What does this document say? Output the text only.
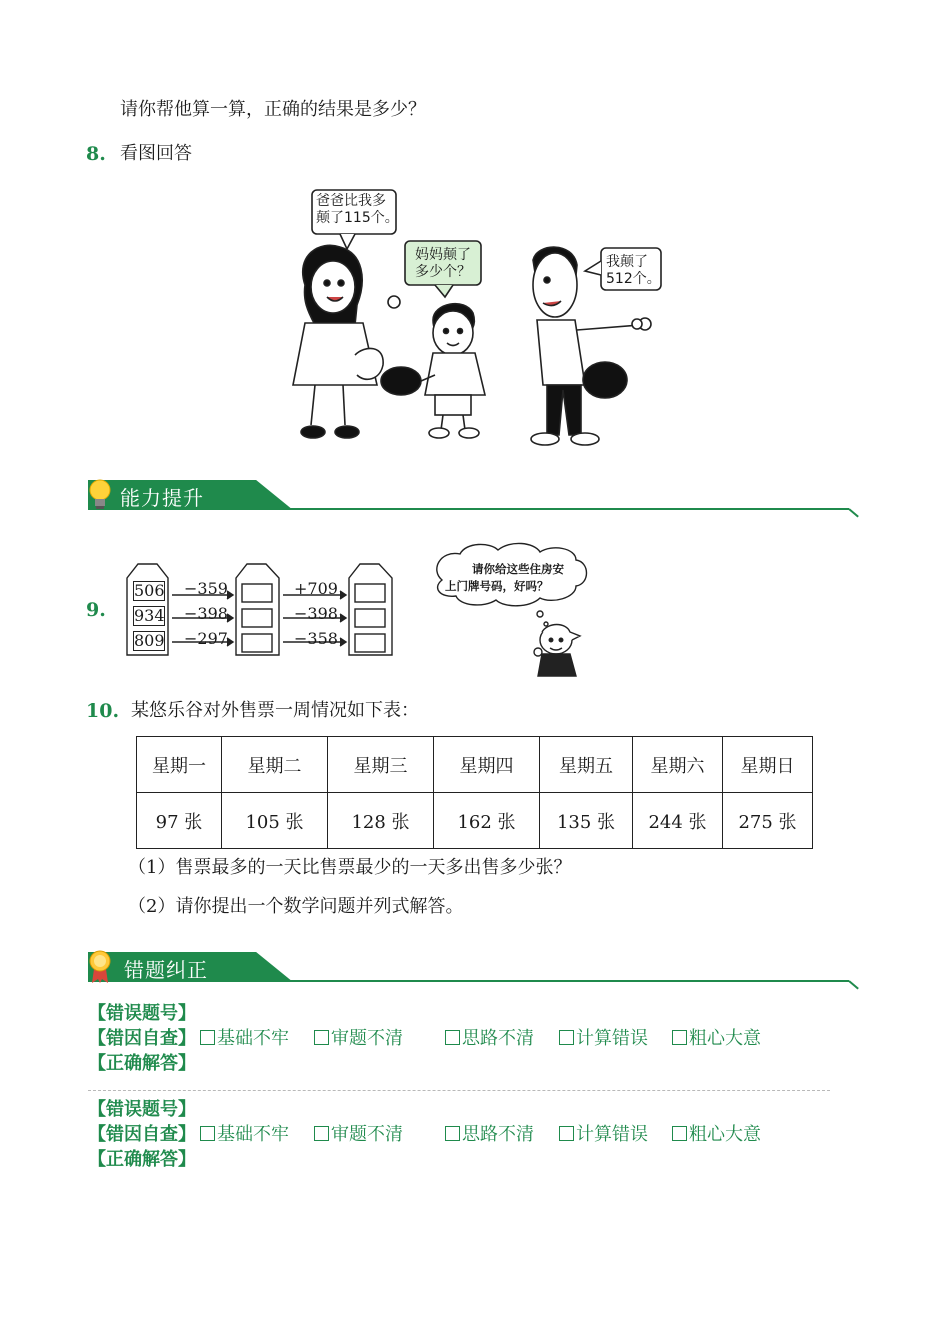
请你帮他算一算，正确的结果是多少？
8. 看图回答
爸爸比我多
颠了115个。
妈妈颠了
多少个？
我颠了
512个。
能力提升
9.
506
934
809
−359
−398
−297
+709
−398
−358
请你给这些住房安
上门牌号码，好吗？
10. 某悠乐谷对外售票一周情况如下表：
星期一	星期二	星期三	星期四	星期五	星期六	星期日
97 张	105 张	128 张	162 张	135 张	244 张	275 张
（1）售票最多的一天比售票最少的一天多出售多少张？
（2）请你提出一个数学问题并列式解答。
错题纠正
【错误题号】
【错因自查】	基础不牢	审题不清	思路不清	计算错误	粗心大意
【正确解答】
【错误题号】
【错因自查】	基础不牢	审题不清	思路不清	计算错误	粗心大意
【正确解答】
